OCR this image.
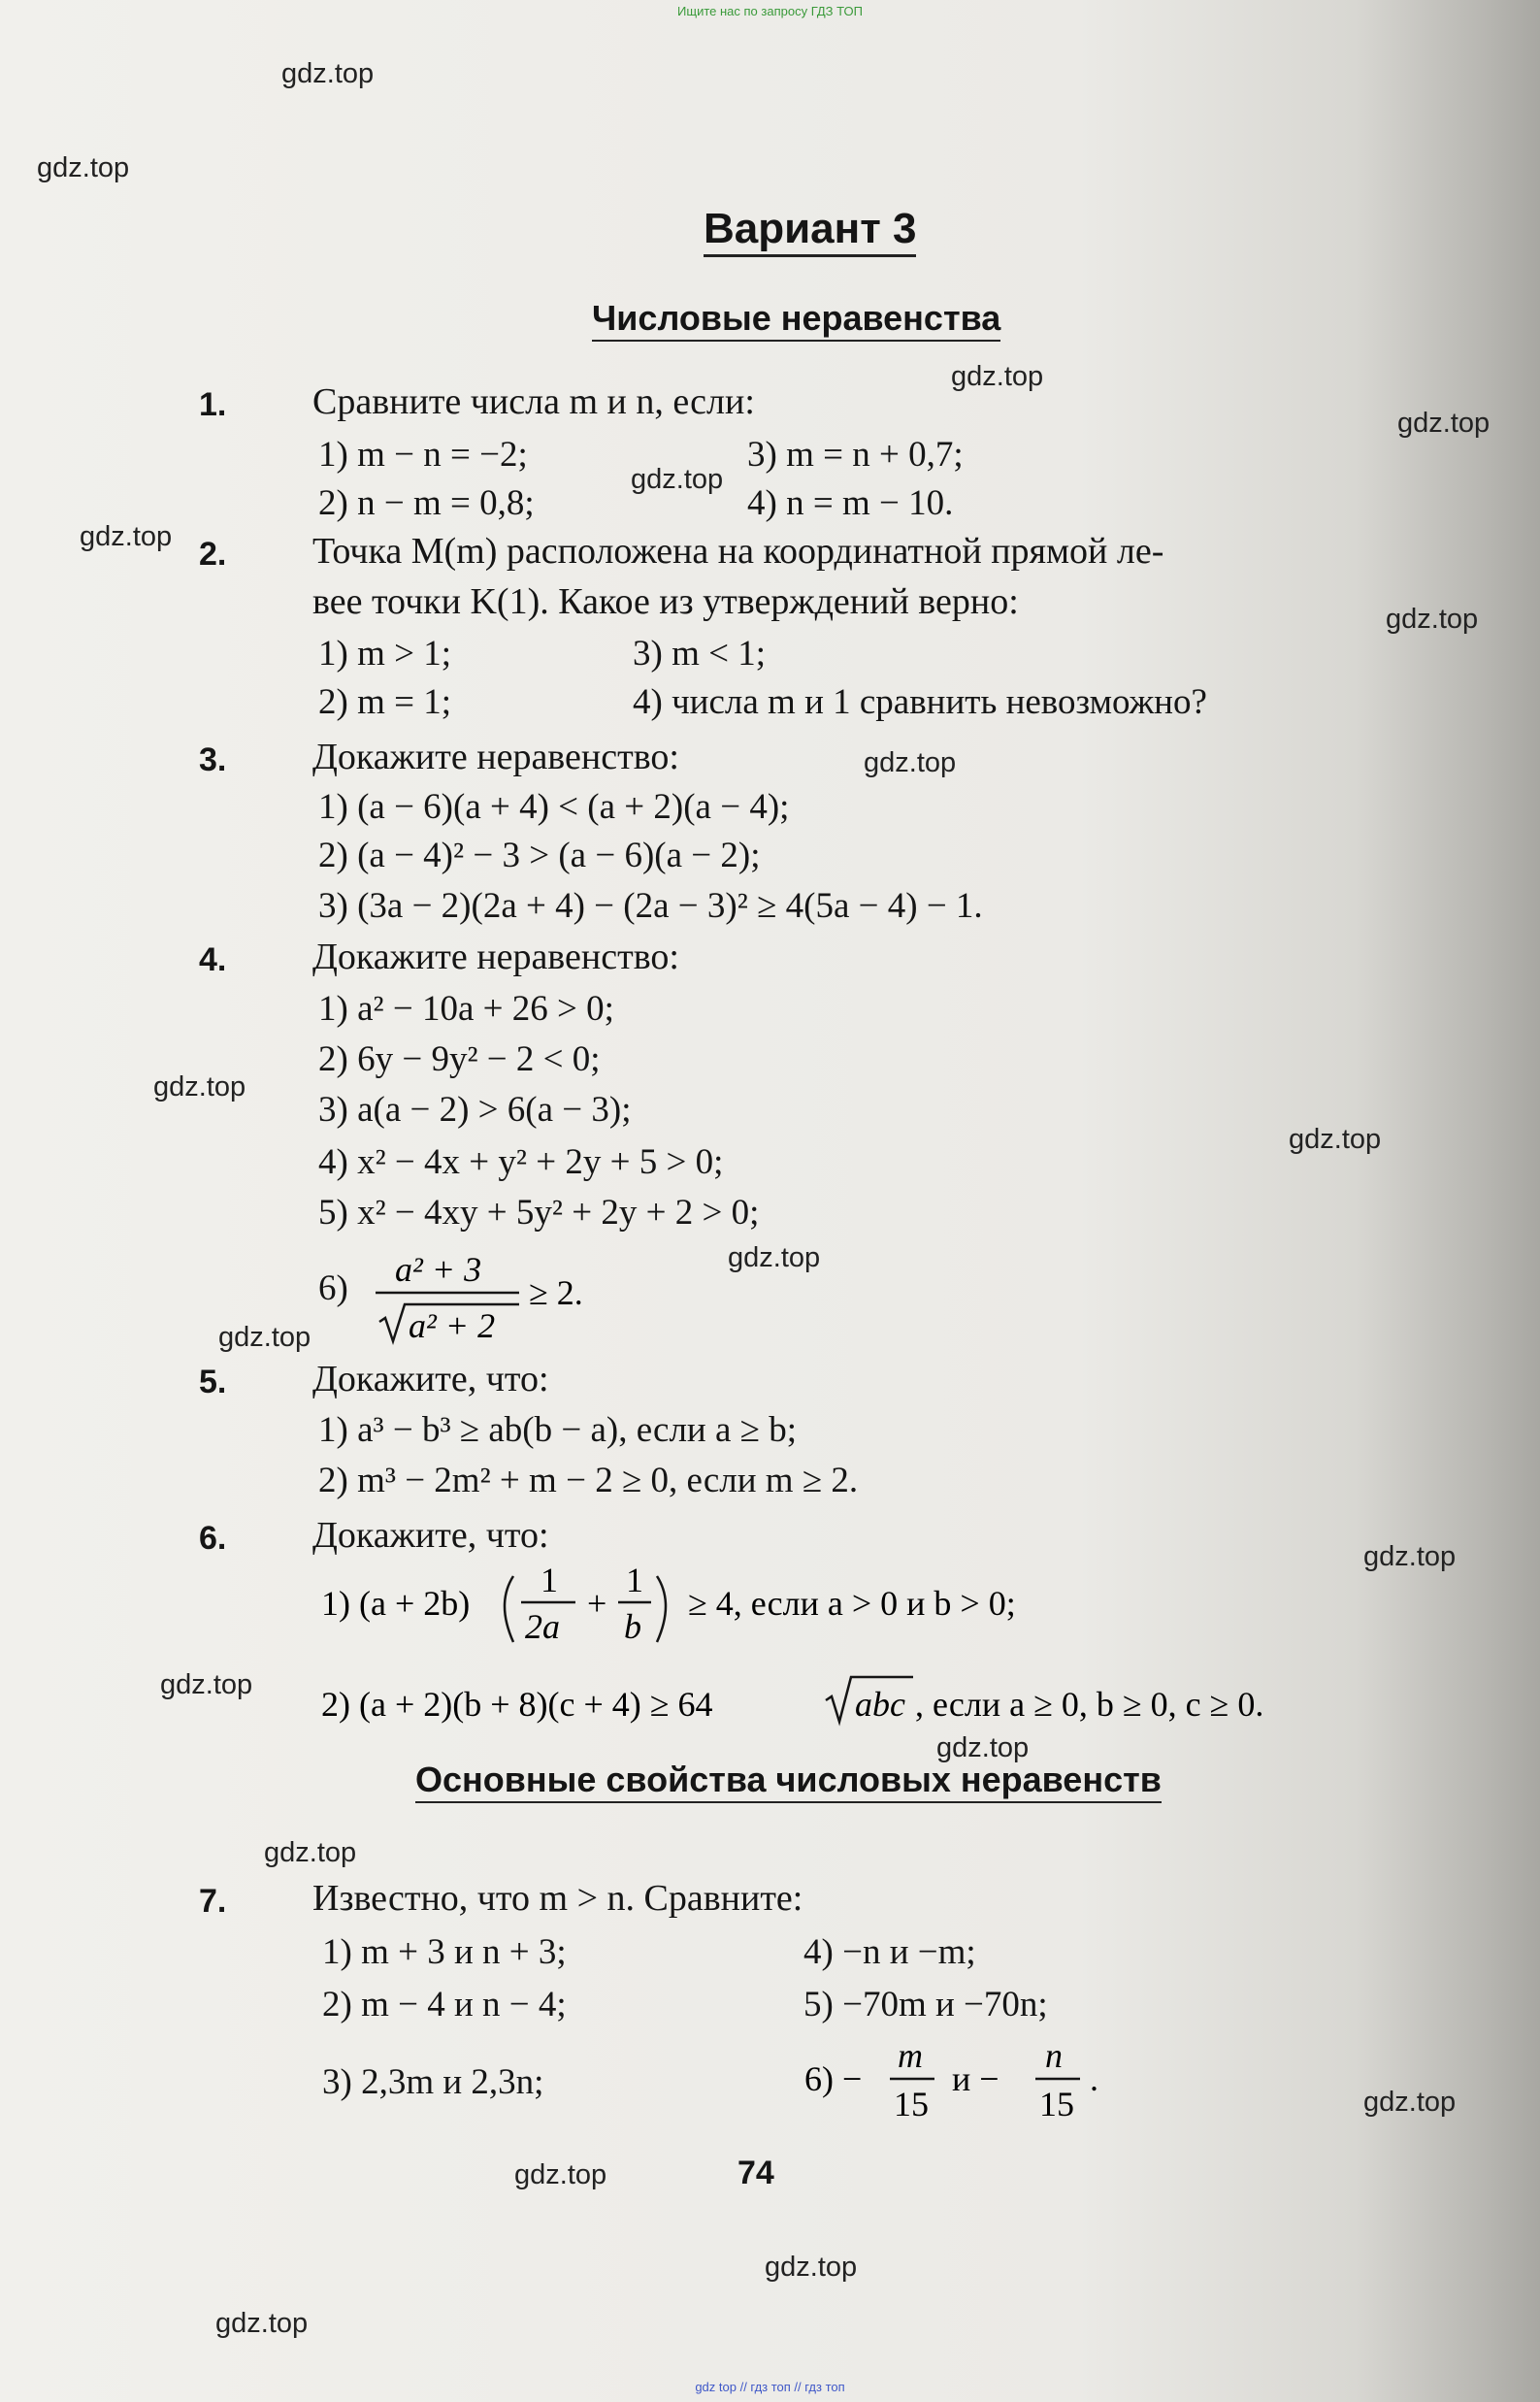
Ищите нас по запросу ГДЗ ТОП
gdz.top
gdz.top
gdz.top
gdz.top
gdz.top
gdz.top
gdz.top
gdz.top
gdz.top
gdz.top
gdz.top
gdz.top
gdz.top
gdz.top
gdz.top
gdz.top
gdz.top
gdz.top
gdz.top
gdz.top
Вариант 3
Числовые неравенства
1. Сравните числа m и n, если:
1) m − n = −2;	3) m = n + 0,7;
2) n − m = 0,8;	4) n = m − 10.
2. Точка M(m) расположена на координатной прямой ле-
вее точки K(1). Какое из утверждений верно:
1) m > 1;	3) m < 1;
2) m = 1;	4) числа m и 1 сравнить невозможно?
3. Докажите неравенство:
1) (a − 6)(a + 4) < (a + 2)(a − 4);
2) (a − 4)² − 3 > (a − 6)(a − 2);
3) (3a − 2)(2a + 4) − (2a − 3)² ≥ 4(5a − 4) − 1.
4. Докажите неравенство:
1) a² − 10a + 26 > 0;
2) 6y − 9y² − 2 < 0;
3) a(a − 2) > 6(a − 3);
4) x² − 4x + y² + 2y + 5 > 0;
5) x² − 4xy + 5y² + 2y + 2 > 0;
6) a² + 3
a² + 2
≥ 2.
5. Докажите, что:
1) a³ − b³ ≥ ab(b − a), если a ≥ b;
2) m³ − 2m² + m − 2 ≥ 0, если m ≥ 2.
6. Докажите, что:
1) (a + 2b)
1
2a
+
1
b
≥ 4, если a > 0 и b > 0;
2) (a + 2)(b + 8)(c + 4) ≥ 64	abc , если a ≥ 0, b ≥ 0, c ≥ 0.
Основные свойства числовых неравенств
7. Известно, что m > n. Сравните:
1) m + 3 и n + 3;	4) −n и −m;
2) m − 4 и n − 4;	5) −70m и −70n;
3) 2,3m и 2,3n;	6) −
m
15
и −
n
15
.
74
gdz top // гдз топ // гдз топ
